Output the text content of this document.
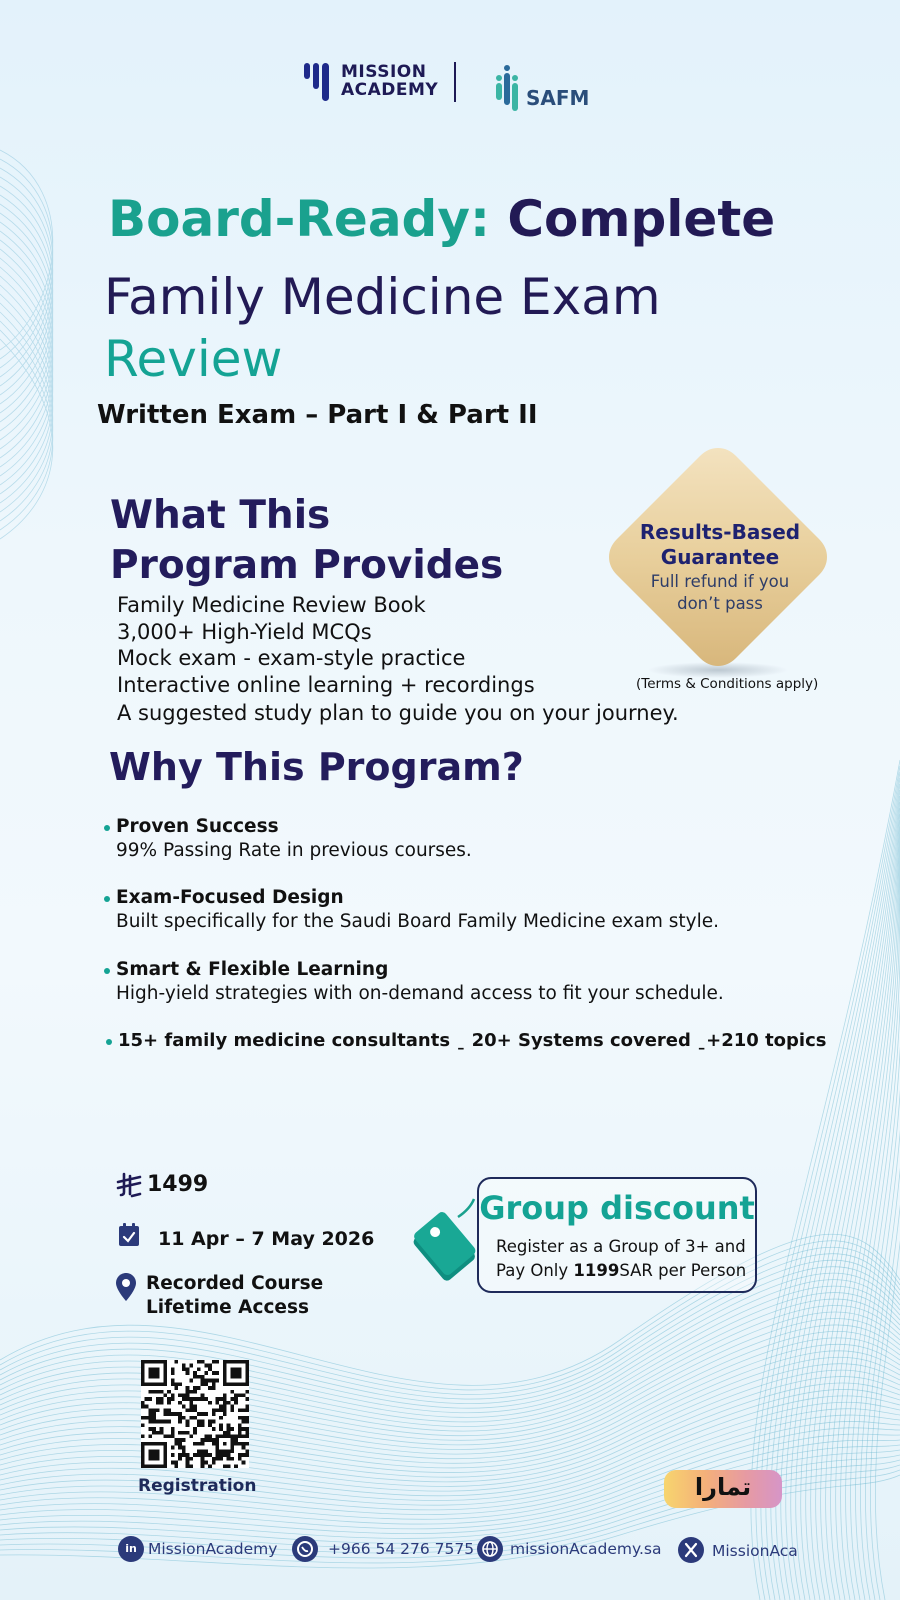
MISSION
ACADEMY	SAFM
Board-Ready: Complete
Family Medicine Exam
Review
Written Exam – Part I & Part II
What This
Program Provides
Family Medicine Review Book
3,000+ High-Yield MCQs
Mock exam - exam-style practice
Interactive online learning + recordings
A suggested study plan to guide you on your journey.
Results-Based
Guarantee
Full refund if you
don’t pass
(Terms & Conditions apply)
Why This Program?
Proven Success
99% Passing Rate in previous courses.
Exam-Focused Design
Built specifically for the Saudi Board Family Medicine exam style.
Smart & Flexible Learning
High-yield strategies with on-demand access to fit your schedule.
15+ family medicine consultants ˍ 20+ Systems covered ˍ+210 topics
1499
11 Apr – 7 May 2026
Recorded Course
Lifetime Access
Group discount
Register as a Group of 3+ and
Pay Only 1199SAR per Person
Registration	تمارا
in MissionAcademy	+966 54 276 7575 missionAcademy.sa	MissionAca
